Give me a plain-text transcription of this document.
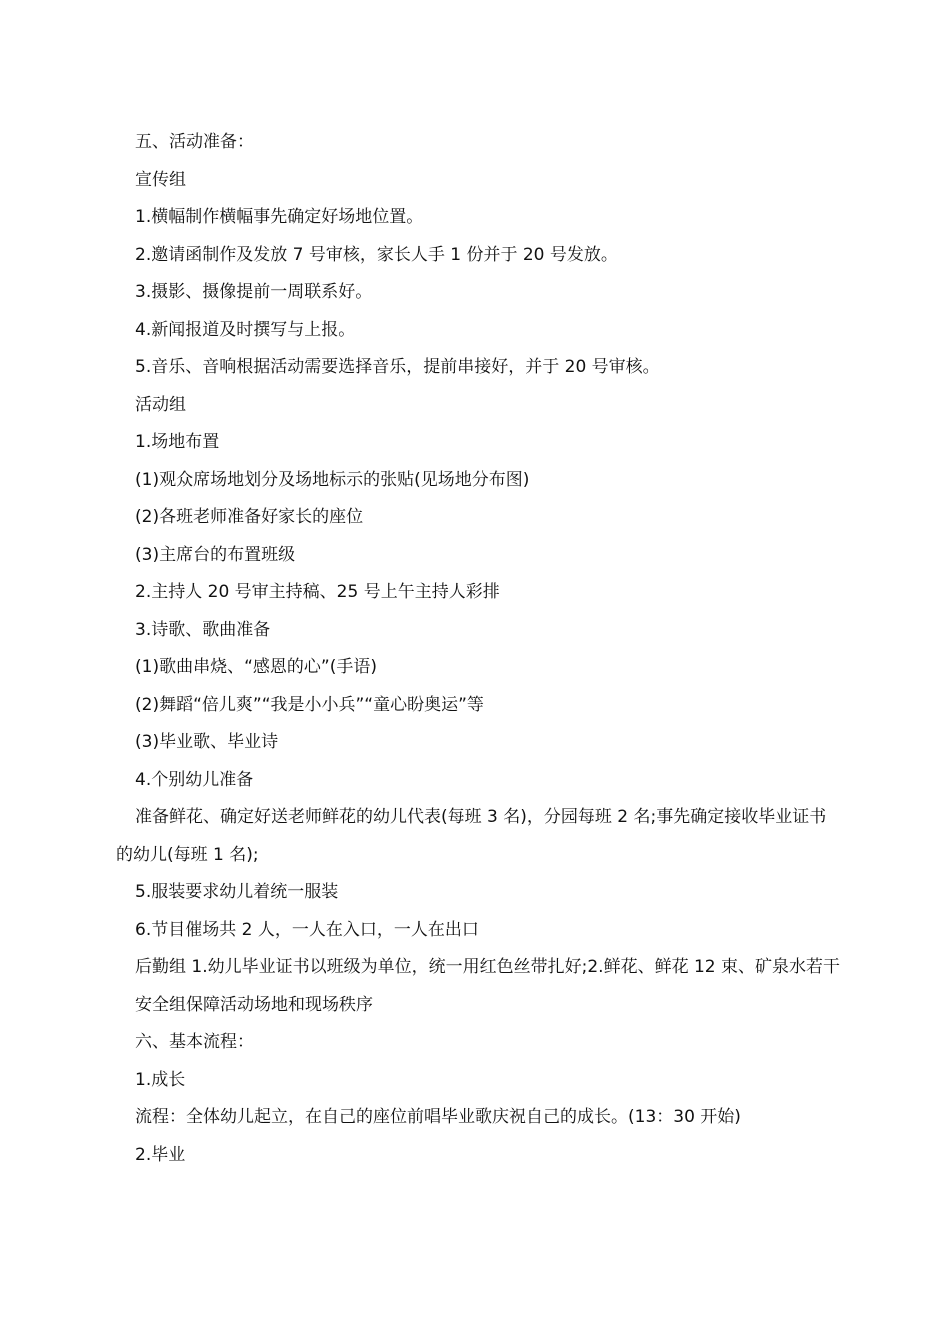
五、活动准备：

宣传组

1.横幅制作横幅事先确定好场地位置。

2.邀请函制作及发放 7 号审核，家长人手 1 份并于 20 号发放。

3.摄影、摄像提前一周联系好。

4.新闻报道及时撰写与上报。

5.音乐、音响根据活动需要选择音乐，提前串接好，并于 20 号审核。

活动组

1.场地布置

(1)观众席场地划分及场地标示的张贴(见场地分布图)

(2)各班老师准备好家长的座位

(3)主席台的布置班级

2.主持人 20 号审主持稿、25 号上午主持人彩排

3.诗歌、歌曲准备

(1)歌曲串烧、“感恩的心”(手语)

(2)舞蹈“倍儿爽”“我是小小兵”“童心盼奥运”等

(3)毕业歌、毕业诗

4.个别幼儿准备

准备鲜花、确定好送老师鲜花的幼儿代表(每班 3 名)，分园每班 2 名;事先确定接收毕业证书的幼儿(每班 1 名);

5.服装要求幼儿着统一服装

6.节目催场共 2 人，一人在入口，一人在出口

后勤组 1.幼儿毕业证书以班级为单位，统一用红色丝带扎好;2.鲜花、鲜花 12 束、矿泉水若干

安全组保障活动场地和现场秩序

六、基本流程：

1.成长

流程：全体幼儿起立，在自己的座位前唱毕业歌庆祝自己的成长。(13：30 开始)

2.毕业
